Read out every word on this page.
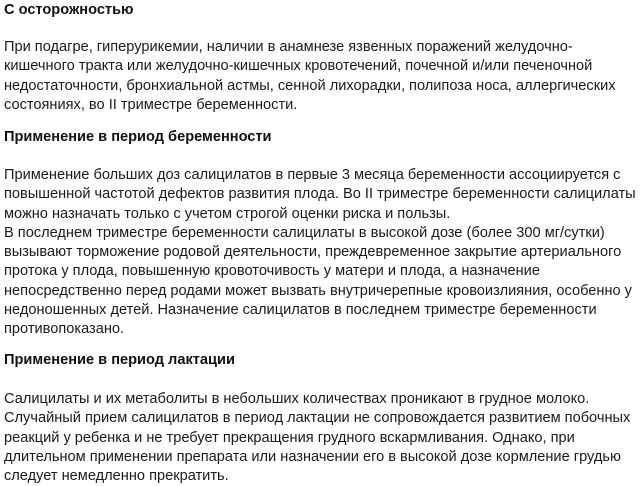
С осторожностью

При подагре, гиперурикемии, наличии в анамнезе язвенных поражений желудочно-
кишечного тракта или желудочно-кишечных кровотечений, почечной и/или печеночной
недостаточности, бронхиальной астмы, сенной лихорадки, полипоза носа, аллергических
состояниях, во II триместре беременности.

Применение в период беременности

Применение больших доз салицилатов в первые 3 месяца беременности ассоциируется с
повышенной частотой дефектов развития плода. Во II триместре беременности салицилаты
можно назначать только с учетом строгой оценки риска и пользы.
В последнем триместре беременности салицилаты в высокой дозе (более 300 мг/сутки)
вызывают торможение родовой деятельности, преждевременное закрытие артериального
протока у плода, повышенную кровоточивость у матери и плода, а назначение
непосредственно перед родами может вызвать внутричерепные кровоизлияния, особенно у
недоношенных детей. Назначение салицилатов в последнем триместре беременности
противопоказано.

Применение в период лактации

Салицилаты и их метаболиты в небольших количествах проникают в грудное молоко.
Случайный прием салицилатов в период лактации не сопровождается развитием побочных
реакций у ребенка и не требует прекращения грудного вскармливания. Однако, при
длительном применении препарата или назначении его в высокой дозе кормление грудью
следует немедленно прекратить.
